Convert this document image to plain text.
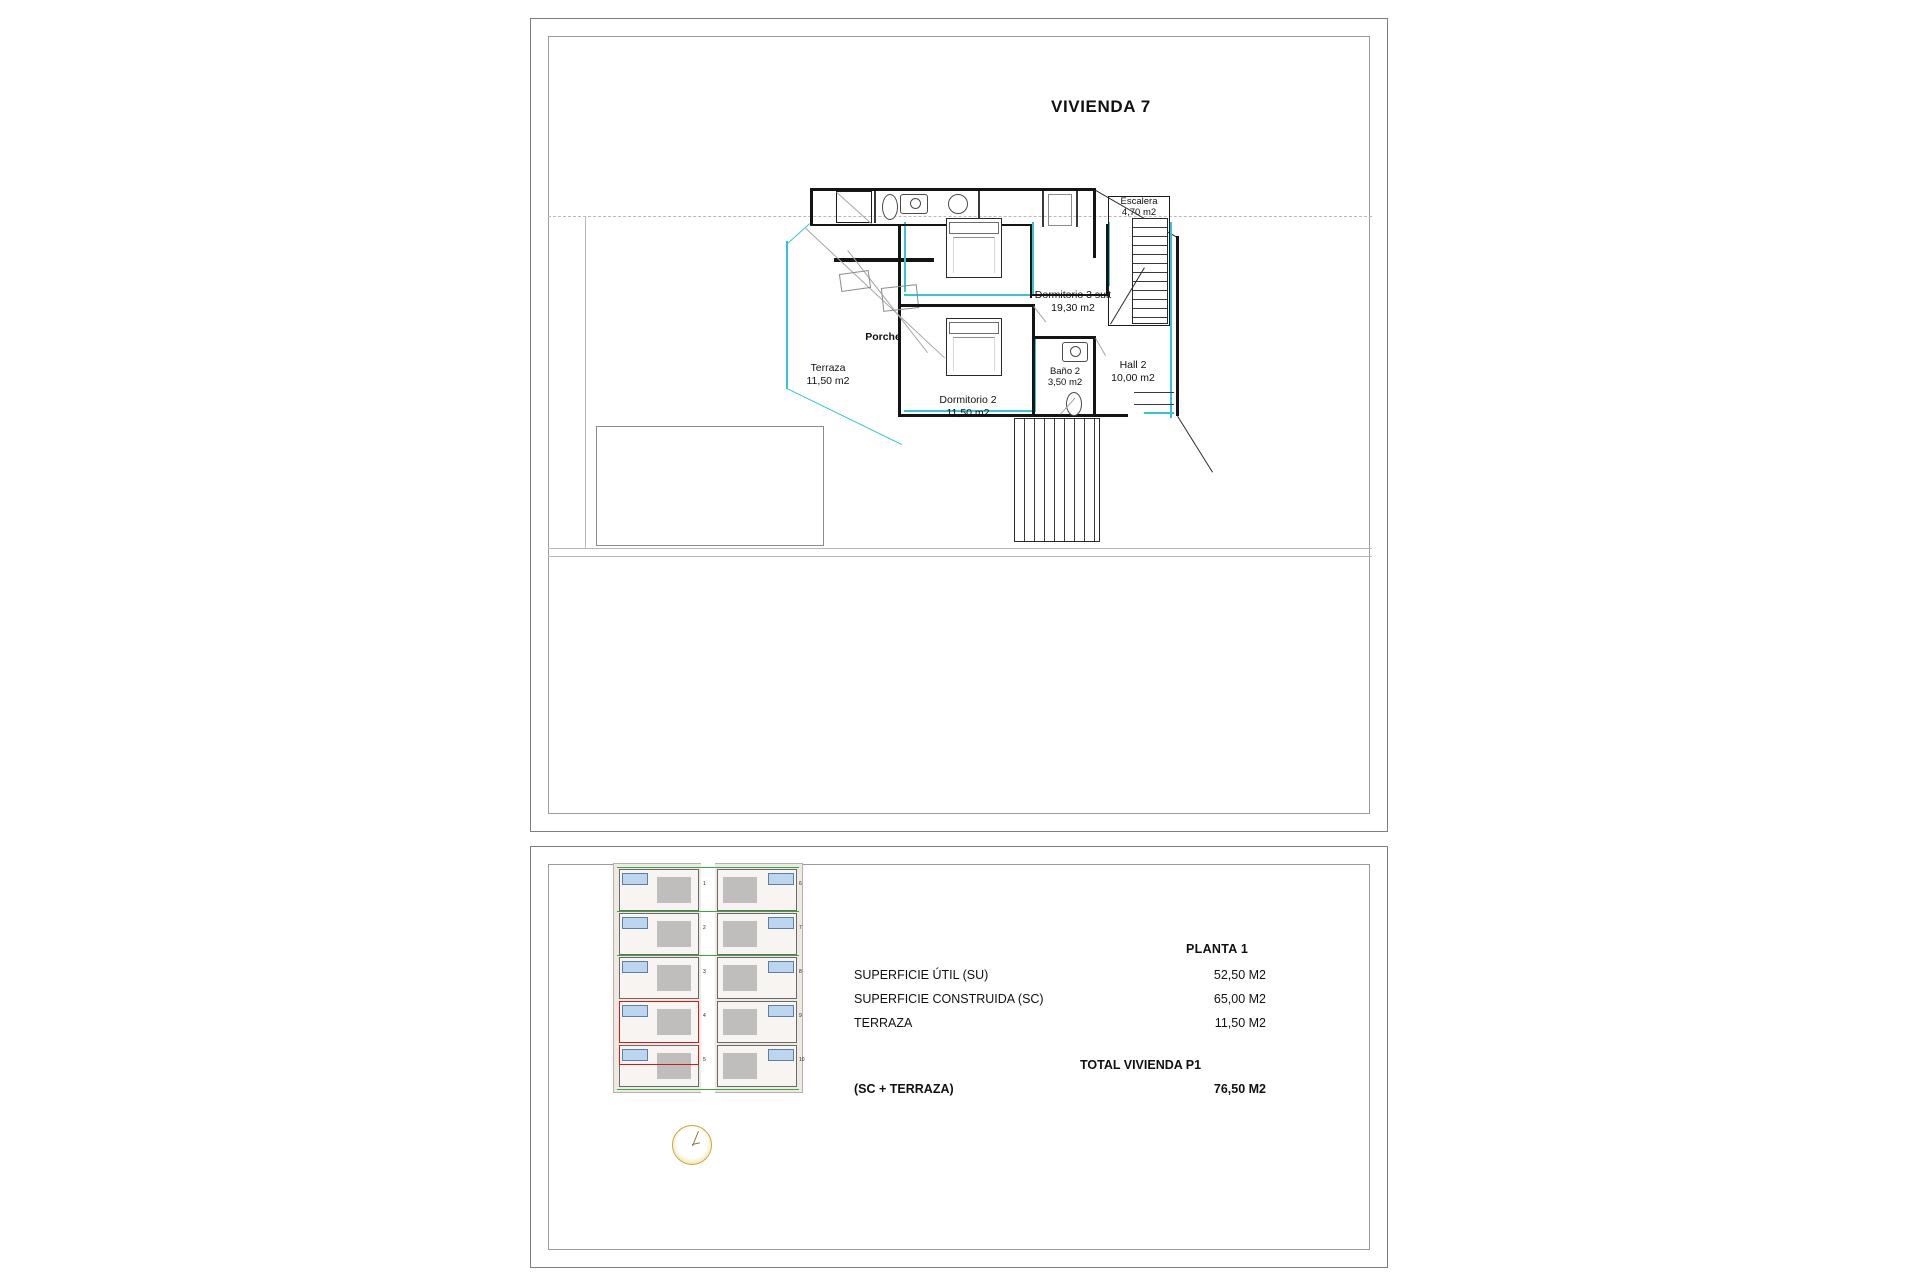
VIVIENDA 7
Dormitorio 3 suit
19,30 m2
Dormitorio 2
11,50 m2
Terraza
11,50 m2
Porche
Baño 2
3,50 m2
Hall 2
10,00 m2
Escalera
4,70 m2
1
2
3
4
5
6
7
8
9
10
PLANTA 1
SUPERFICIE ÚTIL (SU)	52,50 M2
SUPERFICIE CONSTRUIDA (SC)	65,00 M2
TERRAZA	11,50 M2
TOTAL VIVIENDA P1
(SC + TERRAZA)	76,50 M2
